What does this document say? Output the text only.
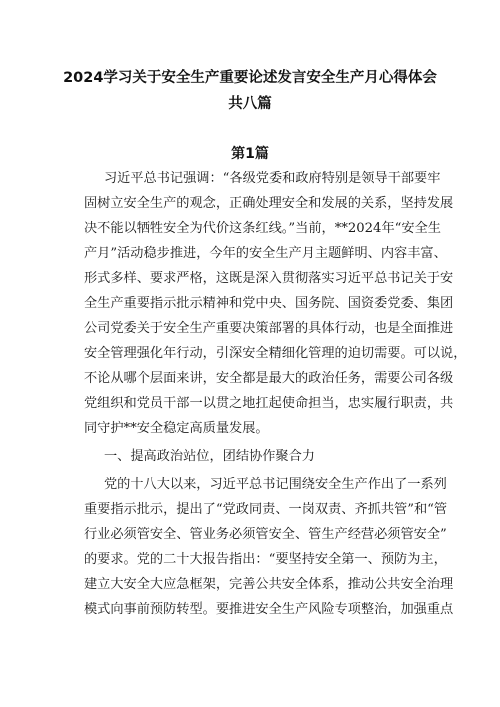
2024学习关于安全生产重要论述发言安全生产月心得体会
共八篇
第1篇
习近平总书记强调：“各级党委和政府特别是领导干部要牢
固树立安全生产的观念，正确处理安全和发展的关系，坚持发展
决不能以牺牲安全为代价这条红线。”当前，**2024年“安全生
产月”活动稳步推进，今年的安全生产月主题鲜明、内容丰富、
形式多样、要求严格，这既是深入贯彻落实习近平总书记关于安
全生产重要指示批示精神和党中央、国务院、国资委党委、集团
公司党委关于安全生产重要决策部署的具体行动，也是全面推进
安全管理强化年行动，引深安全精细化管理的迫切需要。可以说，
不论从哪个层面来讲，安全都是最大的政治任务，需要公司各级
党组织和党员干部一以贯之地扛起使命担当，忠实履行职责，共
同守护**安全稳定高质量发展。
一、提高政治站位，团结协作聚合力
党的十八大以来，习近平总书记围绕安全生产作出了一系列
重要指示批示，提出了“党政同责、一岗双责、齐抓共管”和“管
行业必须管安全、管业务必须管安全、管生产经营必须管安全”
的要求。党的二十大报告指出：“要坚持安全第一、预防为主，
建立大安全大应急框架，完善公共安全体系，推动公共安全治理
模式向事前预防转型。要推进安全生产风险专项整治，加强重点
